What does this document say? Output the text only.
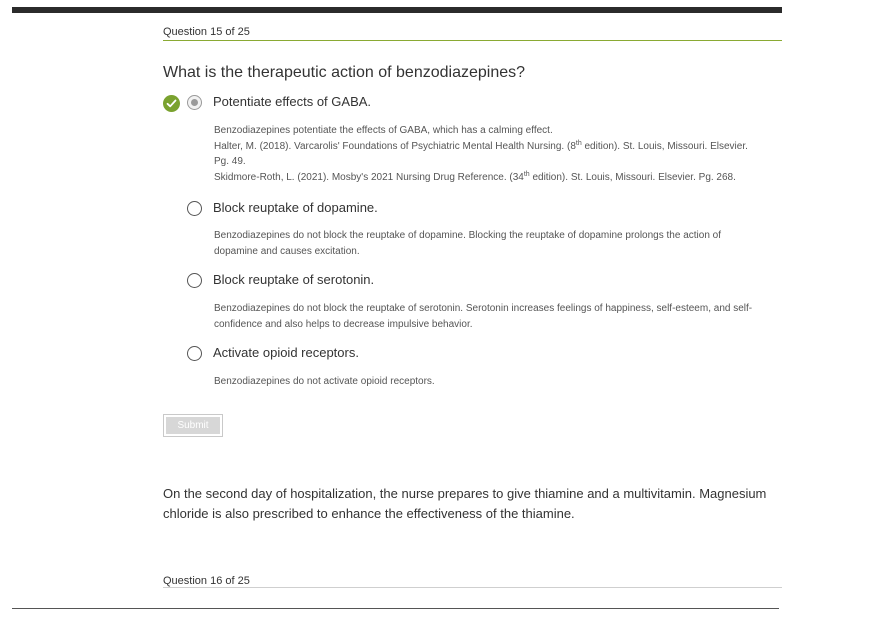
Question 15 of 25
What is the therapeutic action of benzodiazepines?
Potentiate effects of GABA.

Benzodiazepines potentiate the effects of GABA, which has a calming effect.

Halter, M. (2018). Varcarolis' Foundations of Psychiatric Mental Health Nursing. (8th edition). St. Louis, Missouri. Elsevier.

Pg. 49.

Skidmore-Roth, L. (2021). Mosby's 2021 Nursing Drug Reference. (34th edition). St. Louis, Missouri. Elsevier. Pg. 268.

Block reuptake of dopamine.

Benzodiazepines do not block the reuptake of dopamine. Blocking the reuptake of dopamine prolongs the action of

dopamine and causes excitation.

Block reuptake of serotonin.

Benzodiazepines do not block the reuptake of serotonin. Serotonin increases feelings of happiness, self-esteem, and self-

confidence and also helps to decrease impulsive behavior.

Activate opioid receptors.

Benzodiazepines do not activate opioid receptors.

Submit

On the second day of hospitalization, the nurse prepares to give thiamine and a multivitamin. Magnesium

chloride is also prescribed to enhance the effectiveness of the thiamine.

Question 16 of 25
